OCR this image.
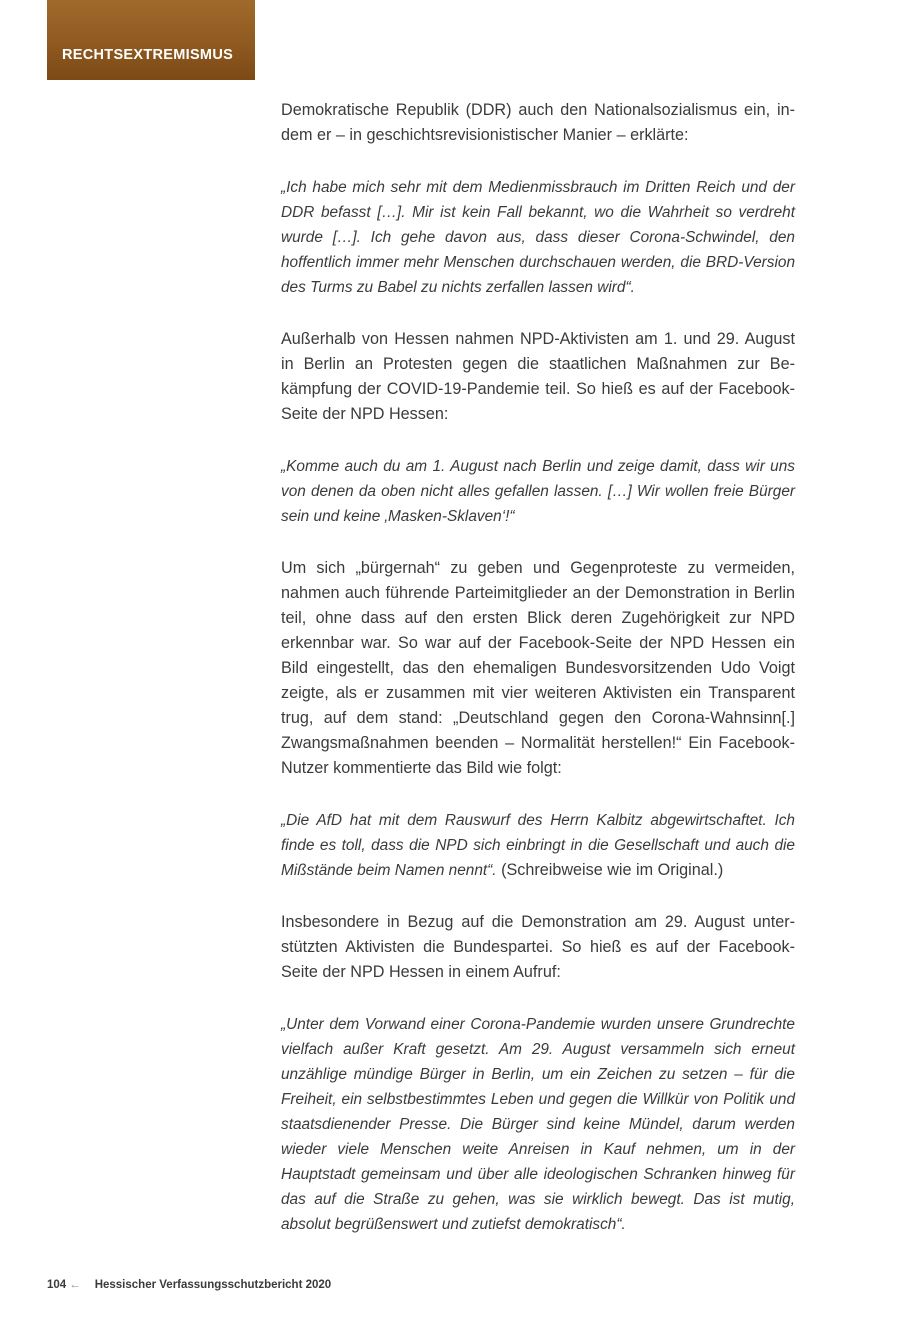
RECHTSEXTREMISMUS

Demokratische Republik (DDR) auch den Nationalsozialismus ein, indem er – in geschichtsrevisionistischer Manier – erklärte:

„Ich habe mich sehr mit dem Medienmissbrauch im Dritten Reich und der DDR befasst […]. Mir ist kein Fall bekannt, wo die Wahrheit so verdreht wurde […]. Ich gehe davon aus, dass dieser Corona-Schwindel, den hoffentlich immer mehr Menschen durchschauen werden, die BRD-Version des Turms zu Babel zu nichts zerfallen lassen wird“.

Außerhalb von Hessen nahmen NPD-Aktivisten am 1. und 29. August in Berlin an Protesten gegen die staatlichen Maßnahmen zur Bekämpfung der COVID-19-Pandemie teil. So hieß es auf der Facebook-Seite der NPD Hessen:

„Komme auch du am 1. August nach Berlin und zeige damit, dass wir uns von denen da oben nicht alles gefallen lassen. […] Wir wollen freie Bürger sein und keine ‚Masken-Sklaven‘!“

Um sich „bürgernah“ zu geben und Gegenproteste zu vermeiden, nahmen auch führende Parteimitglieder an der Demonstration in Berlin teil, ohne dass auf den ersten Blick deren Zugehörigkeit zur NPD erkennbar war. So war auf der Facebook-Seite der NPD Hessen ein Bild eingestellt, das den ehemaligen Bundesvorsitzenden Udo Voigt zeigte, als er zusammen mit vier weiteren Aktivisten ein Transparent trug, auf dem stand: „Deutschland gegen den Corona-Wahnsinn[.] Zwangsmaßnahmen beenden – Normalität herstellen!“ Ein Facebook-Nutzer kommentierte das Bild wie folgt:

„Die AfD hat mit dem Rauswurf des Herrn Kalbitz abgewirtschaftet. Ich finde es toll, dass die NPD sich einbringt in die Gesellschaft und auch die Mißstände beim Namen nennt“. (Schreibweise wie im Original.)

Insbesondere in Bezug auf die Demonstration am 29. August unterstützten Aktivisten die Bundespartei. So hieß es auf der Facebook-Seite der NPD Hessen in einem Aufruf:

„Unter dem Vorwand einer Corona-Pandemie wurden unsere Grundrechte vielfach außer Kraft gesetzt. Am 29. August versammeln sich erneut unzählige mündige Bürger in Berlin, um ein Zeichen zu setzen – für die Freiheit, ein selbstbestimmtes Leben und gegen die Willkür von Politik und staatsdienender Presse. Die Bürger sind keine Mündel, darum werden wieder viele Menschen weite Anreisen in Kauf nehmen, um in der Hauptstadt gemeinsam und über alle ideologischen Schranken hinweg für das auf die Straße zu gehen, was sie wirklich bewegt. Das ist mutig, absolut begrüßenswert und zutiefst demokratisch“.

104 ← Hessischer Verfassungsschutzbericht 2020
